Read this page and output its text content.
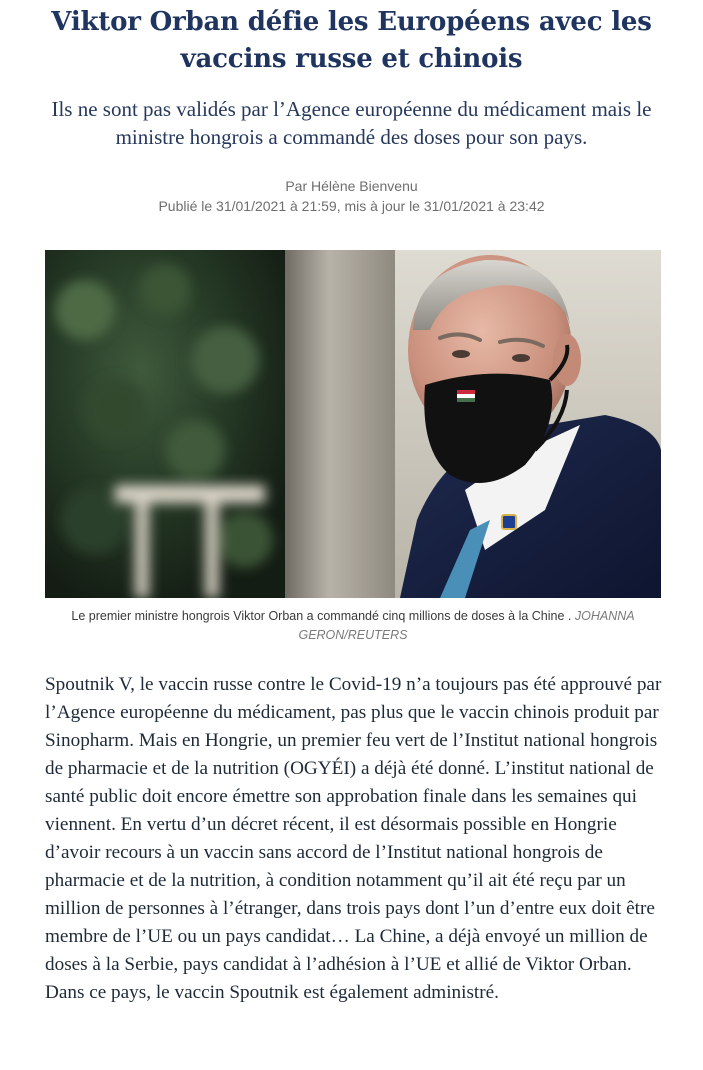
Viktor Orban défie les Européens avec les vaccins russe et chinois

Ils ne sont pas validés par l’Agence européenne du médicament mais le ministre hongrois a commandé des doses pour son pays.

Par Hélène Bienvenu
Publié le 31/01/2021 à 21:59, mis à jour le 31/01/2021 à 23:42
Le premier ministre hongrois Viktor Orban a commandé cinq millions de doses à la Chine . JOHANNA GERON/REUTERS

Spoutnik V, le vaccin russe contre le Covid-19 n’a toujours pas été approuvé par l’Agence européenne du médicament, pas plus que le vaccin chinois produit par Sinopharm. Mais en Hongrie, un premier feu vert de l’Institut national hongrois de pharmacie et de la nutrition (OGYÉI) a déjà été donné. L’institut national de santé public doit encore émettre son approbation finale dans les semaines qui viennent. En vertu d’un décret récent, il est désormais possible en Hongrie d’avoir recours à un vaccin sans accord de l’Institut national hongrois de pharmacie et de la nutrition, à condition notamment qu’il ait été reçu par un million de personnes à l’étranger, dans trois pays dont l’un d’entre eux doit être membre de l’UE ou un pays candidat… La Chine, a déjà envoyé un million de doses à la Serbie, pays candidat à l’adhésion à l’UE et allié de Viktor Orban. Dans ce pays, le vaccin Spoutnik est également administré.
